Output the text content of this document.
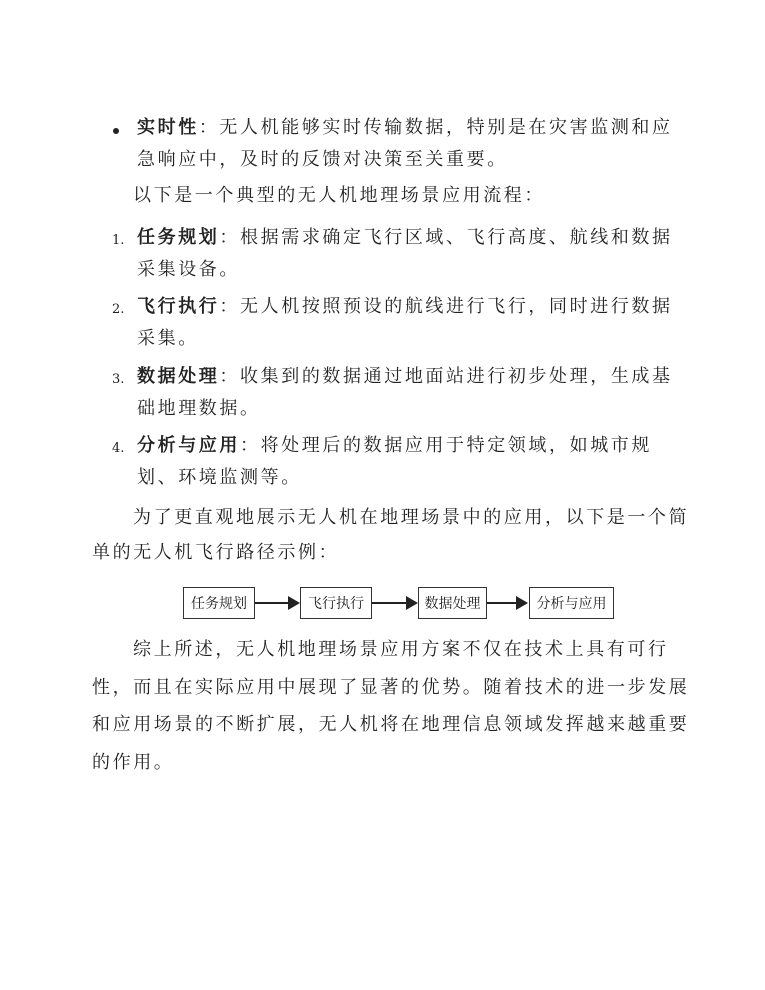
实时性：无人机能够实时传输数据，特别是在灾害监测和应
急响应中，及时的反馈对决策至关重要。
以下是一个典型的无人机地理场景应用流程：
1. 任务规划：根据需求确定飞行区域、飞行高度、航线和数据
采集设备。
2. 飞行执行：无人机按照预设的航线进行飞行，同时进行数据
采集。
3. 数据处理：收集到的数据通过地面站进行初步处理，生成基
础地理数据。
4. 分析与应用：将处理后的数据应用于特定领域，如城市规
划、环境监测等。
为了更直观地展示无人机在地理场景中的应用，以下是一个简
单的无人机飞行路径示例：
任务规划	飞行执行	数据处理	分析与应用
综上所述，无人机地理场景应用方案不仅在技术上具有可行
性，而且在实际应用中展现了显著的优势。随着技术的进一步发展
和应用场景的不断扩展，无人机将在地理信息领域发挥越来越重要
的作用。
